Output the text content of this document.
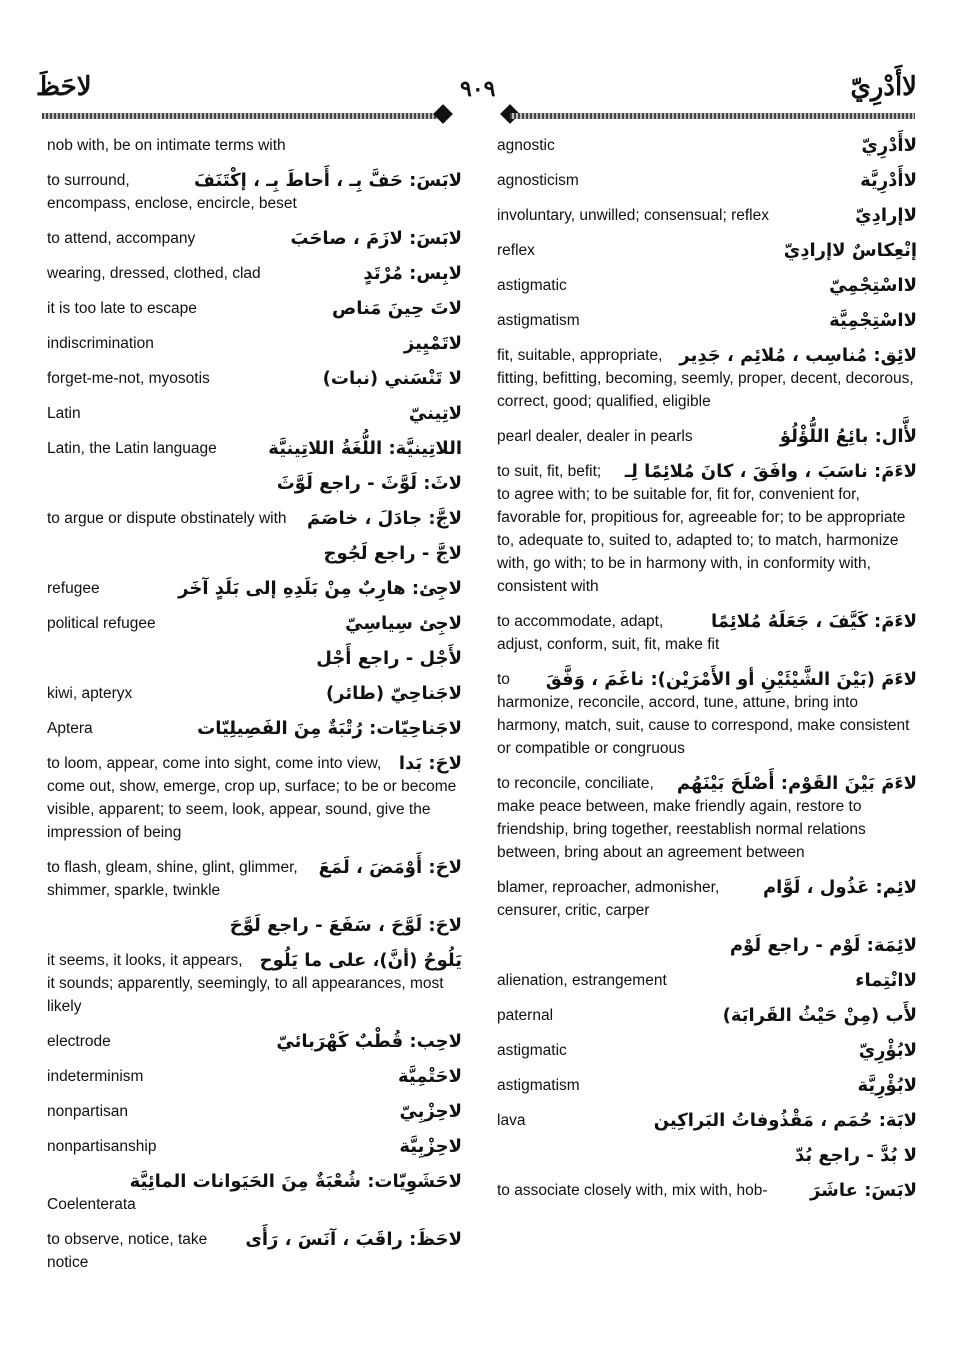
لاحَظَ	٩٠٩	لاأَدْرِيّ
nob with, be on intimate terms with
لابَسَ: حَفَّ بِـ ، أَحاطَ بِـ ، إكْتَنَفَ
to surround, encompass, enclose, encircle, beset
لابَسَ: لازَمَ ، صاحَبَ
to attend, accompany
لابِس: مُرْتَدٍ
wearing, dressed, clothed, clad
لاتَ حِينَ مَناص
it is too late to escape
لاتَمْيِيز
indiscrimination
لا تَنْسَني (نبات)
forget-me-not, myosotis
لاتِينيّ
Latin
اللاتِينيَّة: اللُّغَةُ اللاتِينيَّة
Latin, the Latin language
لاثَ: لَوَّثَ - راجع لَوَّثَ
لاجَّ: جادَلَ ، خاصَمَ
to argue or dispute obstinately with
لاجَّ - راجع لَجُوج
لاجِئ: هارِبٌ مِنْ بَلَدِهِ إلى بَلَدٍ آخَر
refugee
لاجِئ سِياسِيّ
political refugee
لأَجْل - راجع أَجْل
لاجَناحِيّ (طائر)
kiwi, apteryx
لاجَناحِيّات: رُتْبَةٌ مِنَ الفَصِيلِيّات
Aptera
لاحَ: بَدا
to loom, appear, come into sight, come into view, come out, show, emerge, crop up, surface; to be or become visible, apparent; to seem, look, appear, sound, give the impression of being
لاحَ: أَوْمَضَ ، لَمَعَ
to flash, gleam, shine, glint, glimmer, shimmer, sparkle, twinkle
لاحَ: لَوَّحَ ، سَفَعَ - راجع لَوَّحَ
يَلُوحُ (أنَّ)، على ما يَلُوح
it seems, it looks, it appears, it sounds; apparently, seemingly, to all appearances, most likely
لاحِب: قُطْبٌ كَهْرَبائيّ
electrode
لاحَتْمِيَّة
indeterminism
لاحِزْبِيّ
nonpartisan
لاحِزْبِيَّة
nonpartisanship
لاحَشَوِيّات: شُعْبَةٌ مِنَ الحَيَوانات المائِيَّة
Coelenterata
لاحَظَ: راقَبَ ، آنَسَ ، رَأَى
to observe, notice, take notice
لاأَدْرِيّ
agnostic
لاأَدْرِيَّة
agnosticism
لاإرادِيّ
involuntary, unwilled; consensual; reflex
إنْعِكاسٌ لاإرادِيّ
reflex
لااسْتِجْمِيّ
astigmatic
لااسْتِجْمِيَّة
astigmatism
لائِق: مُناسِب ، مُلائِم ، جَدِير
fit, suitable, appropriate, fitting, befitting, becoming, seemly, proper, decent, decorous, correct, good; qualified, eligible
لأَّال: بائِعُ اللُّؤْلُؤ
pearl dealer, dealer in pearls
لاءَمَ: ناسَبَ ، وافَقَ ، كانَ مُلائِمًا لِـ
to suit, fit, befit; to agree with; to be suitable for, fit for, convenient for, favorable for, propitious for, agreeable for; to be appropriate to, adequate to, suited to, adapted to; to match, harmonize with, go with; to be in harmony with, in conformity with, consistent with
لاءَمَ: كَيَّفَ ، جَعَلَهُ مُلائِمًا
to accommodate, adapt, adjust, conform, suit, fit, make fit
لاءَمَ (بَيْنَ الشَّيْئَيْنِ أو الأَمْرَيْن): ناغَمَ ، وَفَّقَ
to harmonize, reconcile, accord, tune, attune, bring into harmony, match, suit, cause to correspond, make consistent or compatible or congruous
لاءَمَ بَيْنَ القَوْم: أَصْلَحَ بَيْنَهُم
to reconcile, conciliate, make peace between, make friendly again, restore to friendship, bring together, reestablish normal relations between, bring about an agreement between
لائِم: عَذُول ، لَوَّام
blamer, reproacher, admonisher, censurer, critic, carper
لائِمَة: لَوْم - راجع لَوْم
لاانْتِماء
alienation, estrangement
لأَب (مِنْ حَيْثُ القَرابَة)
paternal
لابُؤْرِيّ
astigmatic
لابُؤْرِيَّة
astigmatism
لابَة: حُمَم ، مَقْذُوفاتُ البَراكِين
lava
لا بُدَّ - راجع بُدّ
لابَسَ: عاشَرَ
to associate closely with, mix with, hob-
